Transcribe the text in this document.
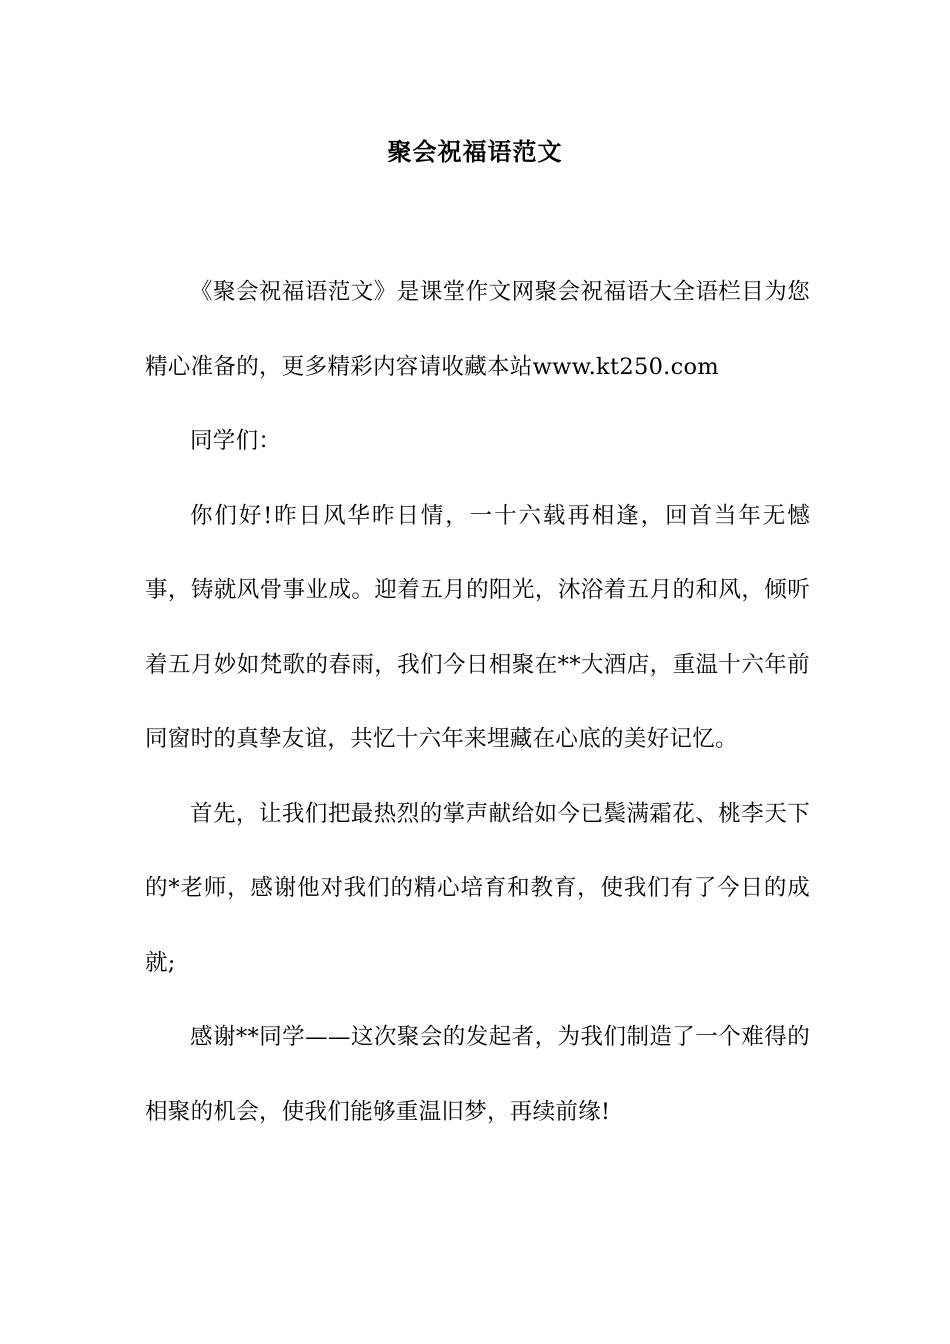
聚会祝福语范文

《聚会祝福语范文》是课堂作文网聚会祝福语大全语栏目为您精心准备的，更多精彩内容请收藏本站www.kt250.com

同学们：

你们好!昨日风华昨日情，一十六载再相逢，回首当年无憾事，铸就风骨事业成。迎着五月的阳光，沐浴着五月的和风，倾听着五月妙如梵歌的春雨，我们今日相聚在**大酒店，重温十六年前同窗时的真挚友谊，共忆十六年来埋藏在心底的美好记忆。

首先，让我们把最热烈的掌声献给如今已鬓满霜花、桃李天下的*老师，感谢他对我们的精心培育和教育，使我们有了今日的成就;

感谢**同学——这次聚会的发起者，为我们制造了一个难得的相聚的机会，使我们能够重温旧梦，再续前缘!
